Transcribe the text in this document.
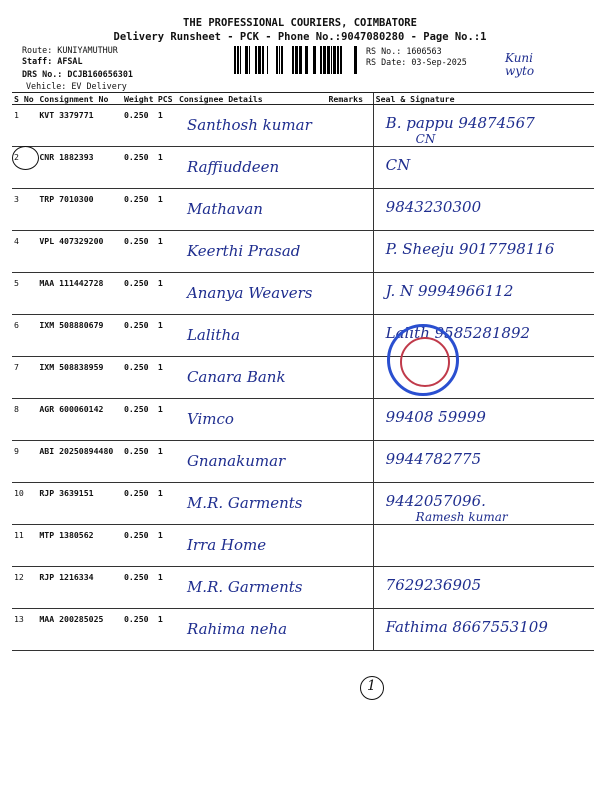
THE PROFESSIONAL COURIERS, COIMBATORE
Delivery Runsheet - PCK - Phone No.:9047080280 - Page No.:1
Route: KUNIYAMUTHUR
Staff: AFSAL
DRS No.: DCJB160656301
Vehicle: EV Delivery
RS No.: 1606563
RS Date: 03-Sep-2025	Kuni wyto
S No	Consignment No	Weight	PCS	Consignee Details	Remarks	Seal & Signature
1	KVT 3379771	0.250	1	Santhosh kumar		B. pappu 94874567
CN

2	CNR 1882393	0.250	1	Raffiuddeen		CN

3	TRP 7010300	0.250	1	Mathavan		9843230300

4	VPL 407329200	0.250	1	Keerthi Prasad		P. Sheeju 9017798116

5	MAA 111442728	0.250	1	Ananya Weavers		J. N 9994966112

6	IXM 508880679	0.250	1	Lalitha		Lalith 9585281892

7	IXM 508838959	0.250	1	Canara Bank		

8	AGR 600060142	0.250	1	Vimco		99408 59999

9	ABI 20250894480	0.250	1	Gnanakumar		9944782775

10	RJP 3639151	0.250	1	M.R. Garments		9442057096.
Ramesh kumar

11	MTP 1380562	0.250	1	Irra Home		

12	RJP 1216334	0.250	1	M.R. Garments		7629236905

13	MAA 200285025	0.250	1	Rahima neha		Fathima 8667553109
1
